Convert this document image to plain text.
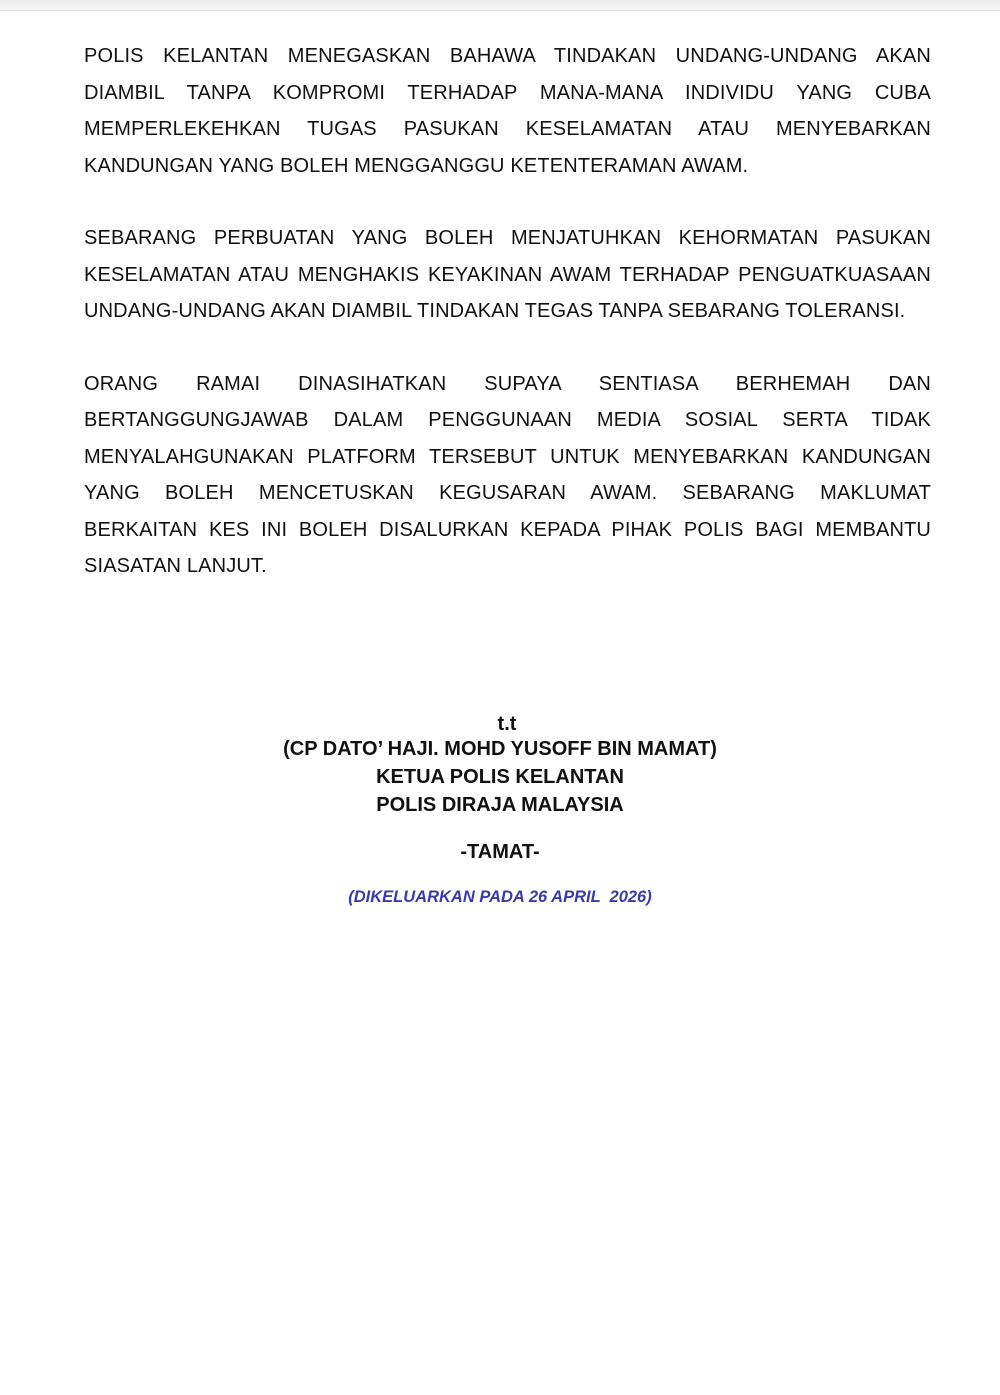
POLIS KELANTAN MENEGASKAN BAHAWA TINDAKAN UNDANG-UNDANG AKAN DIAMBIL TANPA KOMPROMI TERHADAP MANA-MANA INDIVIDU YANG CUBA MEMPERLEKEHKAN TUGAS PASUKAN KESELAMATAN ATAU MENYEBARKAN KANDUNGAN YANG BOLEH MENGGANGGU KETENTERAMAN AWAM.

SEBARANG PERBUATAN YANG BOLEH MENJATUHKAN KEHORMATAN PASUKAN KESELAMATAN ATAU MENGHAKIS KEYAKINAN AWAM TERHADAP PENGUATKUASAAN UNDANG-UNDANG AKAN DIAMBIL TINDAKAN TEGAS TANPA SEBARANG TOLERANSI.

ORANG RAMAI DINASIHATKAN SUPAYA SENTIASA BERHEMAH DAN BERTANGGUNGJAWAB DALAM PENGGUNAAN MEDIA SOSIAL SERTA TIDAK MENYALAHGUNAKAN PLATFORM TERSEBUT UNTUK MENYEBARKAN KANDUNGAN YANG BOLEH MENCETUSKAN KEGUSARAN AWAM. SEBARANG MAKLUMAT BERKAITAN KES INI BOLEH DISALURKAN KEPADA PIHAK POLIS BAGI MEMBANTU SIASATAN LANJUT.

t.t
(CP DATO’ HAJI. MOHD YUSOFF BIN MAMAT)
KETUA POLIS KELANTAN
POLIS DIRAJA MALAYSIA
-TAMAT-
(DIKELUARKAN PADA 26 APRIL  2026)
